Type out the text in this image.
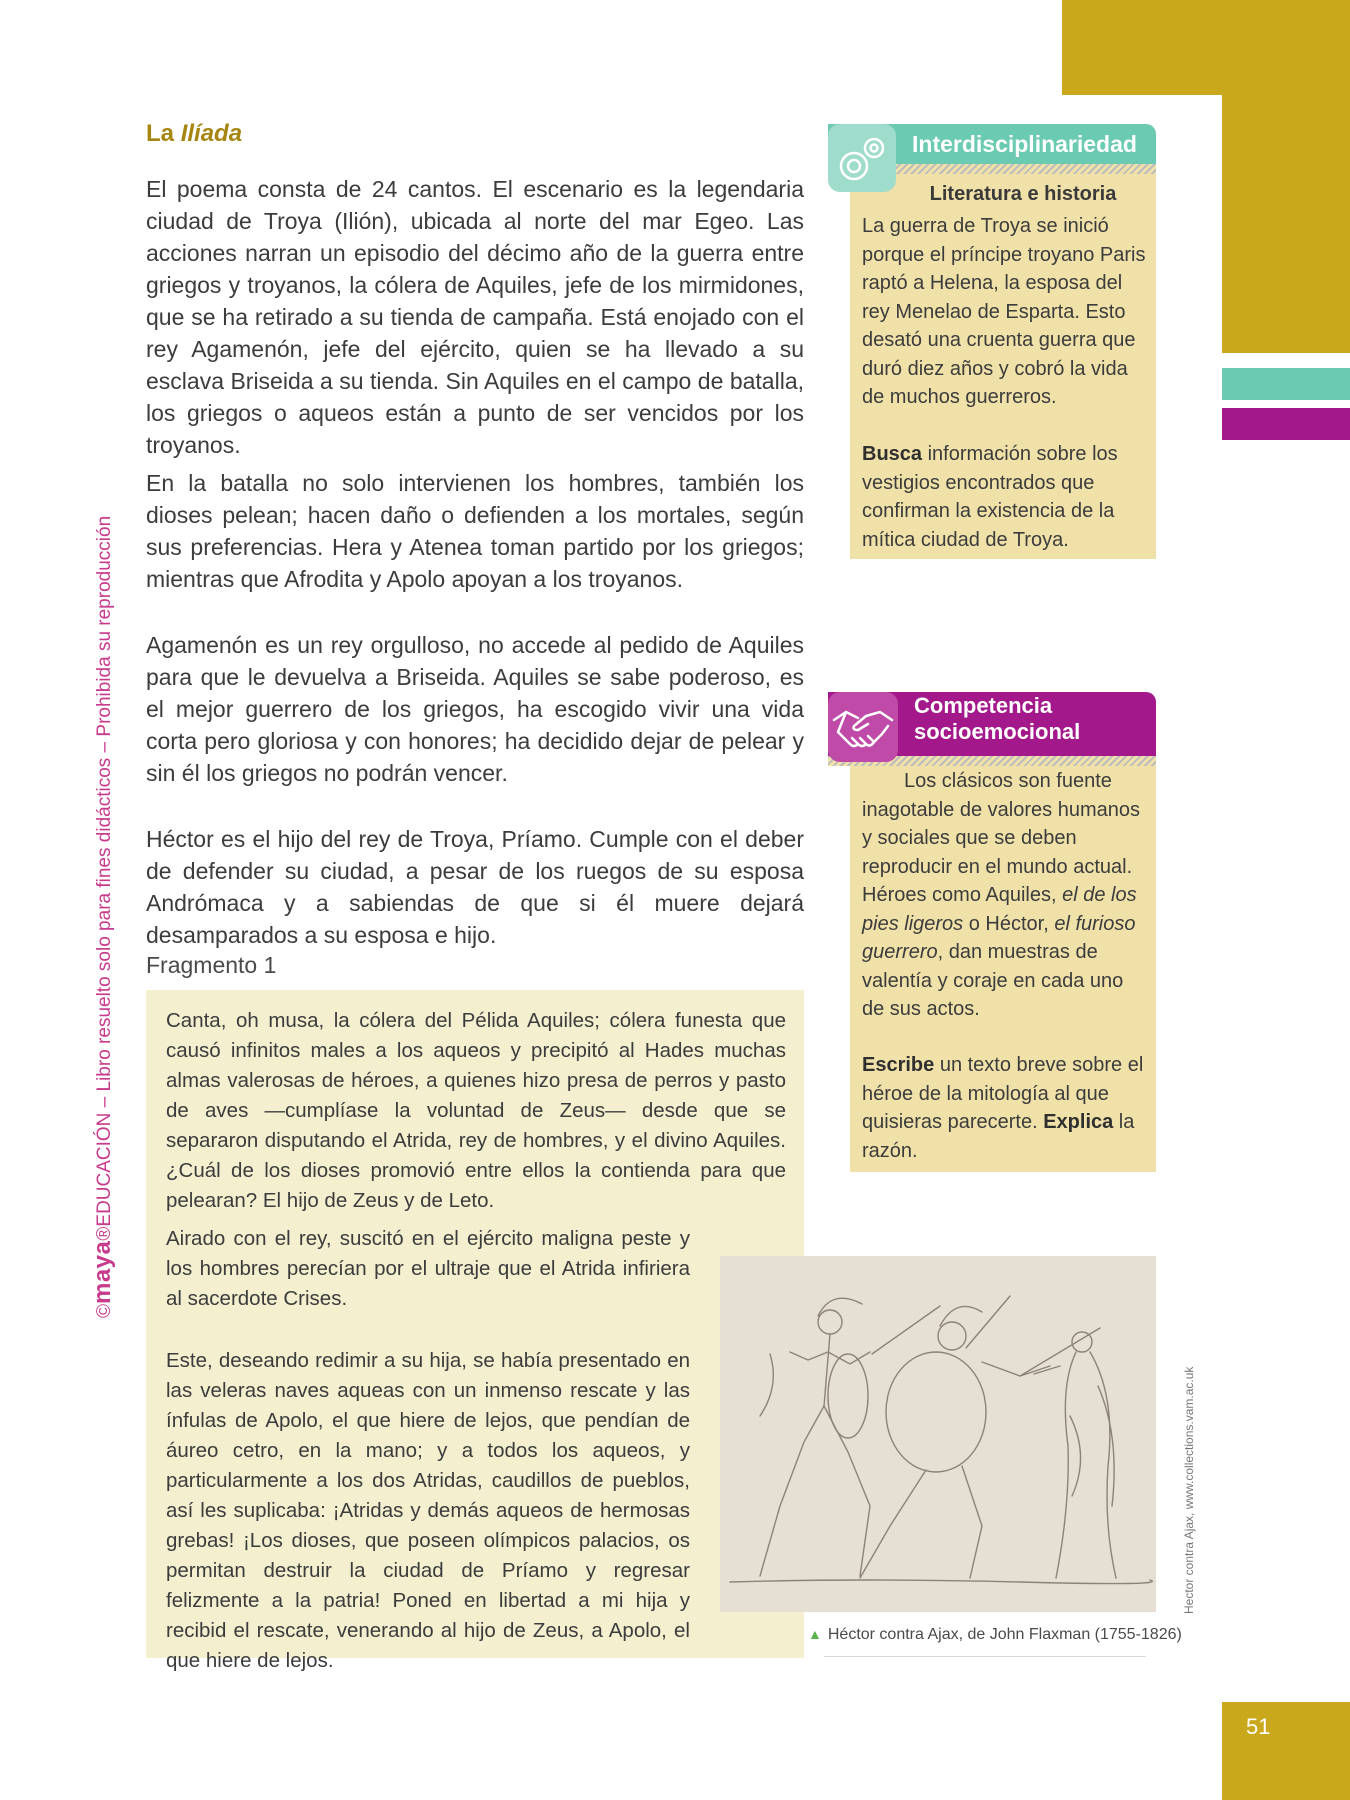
©maya®EDUCACIÓN – Libro resuelto solo para fines didácticos – Prohibida su reproducción
La Ilíada
El poema consta de 24 cantos. El escenario es la legendaria ciudad de Troya (Ilión), ubicada al norte del mar Egeo. Las acciones narran un episodio del décimo año de la guerra entre griegos y troyanos, la cólera de Aquiles, jefe de los mirmidones, que se ha retirado a su tienda de campaña. Está enojado con el rey Agamenón, jefe del ejército, quien se ha llevado a su esclava Briseida a su tienda. Sin Aquiles en el campo de batalla, los griegos o aqueos están a punto de ser vencidos por los troyanos.
En la batalla no solo intervienen los hombres, también los dioses pelean; hacen daño o defienden a los mortales, según sus preferencias. Hera y Atenea toman partido por los griegos; mientras que Afrodita y Apolo apoyan a los troyanos.
Agamenón es un rey orgulloso, no accede al pedido de Aquiles para que le devuelva a Briseida. Aquiles se sabe poderoso, es el mejor guerrero de los griegos, ha escogido vivir una vida corta pero gloriosa y con honores; ha decidido dejar de pelear y sin él los griegos no podrán vencer.
Héctor es el hijo del rey de Troya, Príamo. Cumple con el deber de defender su ciudad, a pesar de los ruegos de su esposa Andrómaca y a sabiendas de que si él muere dejará desamparados a su esposa e hijo.
Fragmento 1
Canta, oh musa, la cólera del Pélida Aquiles; cólera funesta que causó infinitos males a los aqueos y precipitó al Hades muchas almas valerosas de héroes, a quienes hizo presa de perros y pasto de aves —cumplíase la voluntad de Zeus— desde que se separaron disputando el Atrida, rey de hombres, y el divino Aquiles. ¿Cuál de los dioses promovió entre ellos la contienda para que pelearan? El hijo de Zeus y de Leto.
Airado con el rey, suscitó en el ejército maligna peste y los hombres perecían por el ultraje que el Atrida infiriera al sacerdote Crises.
Este, deseando redimir a su hija, se había presentado en las veleras naves aqueas con un inmenso rescate y las ínfulas de Apolo, el que hiere de lejos, que pendían de áureo cetro, en la mano; y a todos los aqueos, y particularmente a los dos Atridas, caudillos de pueblos, así les suplicaba: ¡Atridas y demás aqueos de hermosas grebas! ¡Los dioses, que poseen olímpicos palacios, os permitan destruir la ciudad de Príamo y regresar felizmente a la patria! Poned en libertad a mi hija y recibid el rescate, venerando al hijo de Zeus, a Apolo, el que hiere de lejos.
Hector contra Ajax, www.collections.vam.ac.uk
▲ Héctor contra Ajax, de John Flaxman (1755-1826)
Interdisciplinariedad
Literatura e historia
La guerra de Troya se inició porque el príncipe troyano Paris raptó a Helena, la esposa del rey Menelao de Esparta. Esto desató una cruenta guerra que duró diez años y cobró la vida de muchos guerreros.
Busca información sobre los vestigios encontrados que confirman la existencia de la mítica ciudad de Troya.
Competencia
socioemocional
Los clásicos son fuente inagotable de valores humanos y sociales que se deben reproducir en el mundo actual. Héroes como Aquiles, el de los pies ligeros o Héctor, el furioso guerrero, dan muestras de valentía y coraje en cada uno de sus actos.
Escribe un texto breve sobre el héroe de la mitología al que quisieras parecerte. Explica la razón.
51
